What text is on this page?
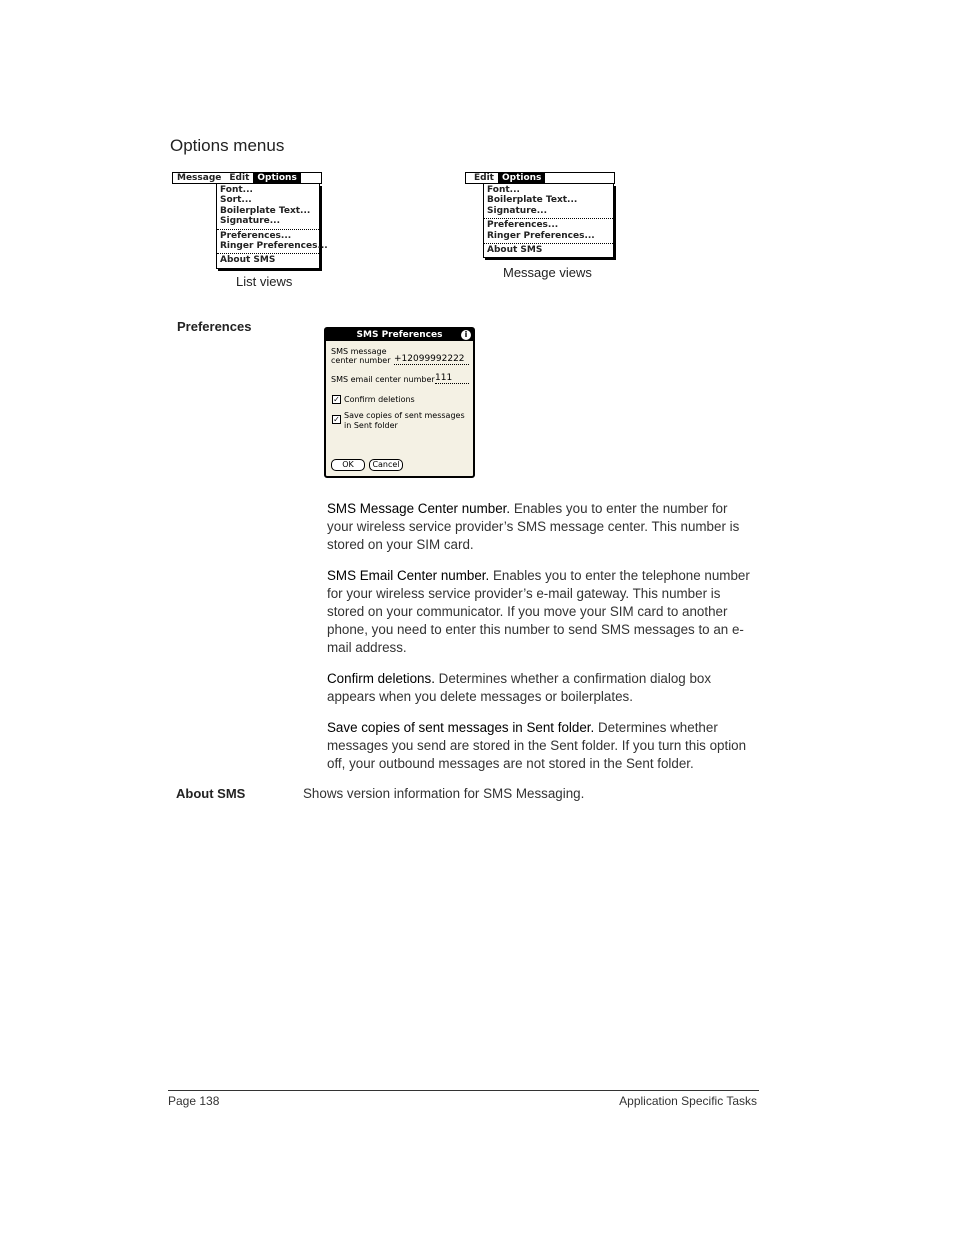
Options menus
Message Edit Options
Font...
Sort...
Boilerplate Text...
Signature...
Preferences...
Ringer Preferences...
About SMS
List views
Edit Options
Font...
Boilerplate Text...
Signature...
Preferences...
Ringer Preferences...
About SMS
Message views
Preferences
SMS Preferences	i
SMS message
center number +12099992222
SMS email center number 111
✓ Confirm deletions
✓ Save copies of sent messages
in Sent folder
OK	Cancel
SMS Message Center number. Enables you to enter the number for your wireless service provider’s SMS message center. This number is stored on your SIM card.
SMS Email Center number. Enables you to enter the telephone number for your wireless service provider’s e-mail gateway. This number is stored on your communicator. If you move your SIM card to another phone, you need to enter this number to send SMS messages to an e-mail address.
Confirm deletions. Determines whether a confirmation dialog box appears when you delete messages or boilerplates.
Save copies of sent messages in Sent folder. Determines whether messages you send are stored in the Sent folder. If you turn this option off, your outbound messages are not stored in the Sent folder.
About SMS	Shows version information for SMS Messaging.
Page 138	Application Specific Tasks
